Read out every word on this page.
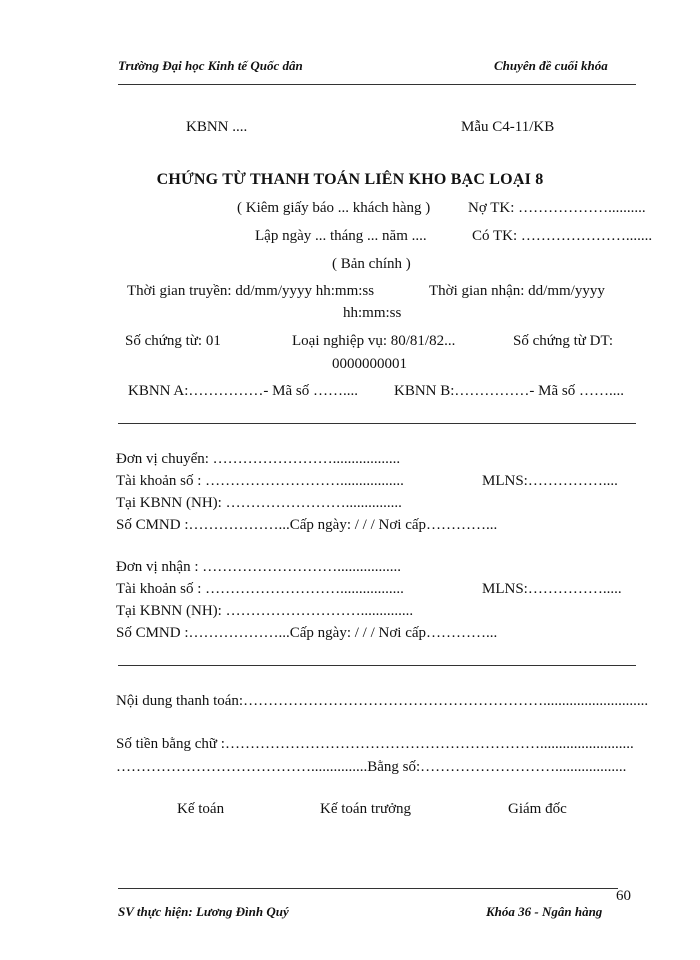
Trường Đại học Kinh tế Quốc dân	Chuyên đề cuối khóa
KBNN ....	Mẫu C4-11/KB
CHỨNG TỪ THANH TOÁN LIÊN KHO BẠC LOẠI 8
( Kiêm giấy báo ... khách hàng )	Nợ TK: ………………..........
Lập ngày ... tháng ... năm ....	Có TK: ………………….......
( Bản chính )
Thời gian truyền: dd/mm/yyyy hh:mm:ss	Thời gian nhận: dd/mm/yyyy
hh:mm:ss
Số chứng từ: 01	Loại nghiệp vụ: 80/81/82...	Số chứng từ DT:
0000000001
KBNN A:……………- Mã số …….... KBNN B:……………- Mã số ……....
Đơn vị chuyển: ……………………..................
Tài khoản số : ……………………….................	MLNS:……………....
Tại KBNN (NH): ……………………...............
Số CMND :………………...Cấp ngày: / / / Nơi cấp…………...
Đơn vị nhận : ……………………….................
Tài khoản số : ……………………….................	MLNS:…………….....
Tại KBNN (NH): ………………………..............
Số CMND :………………...Cấp ngày: / / / Nơi cấp…………...
Nội dung thanh toán:……………………………………………………............................
Số tiền bằng chữ :……………………………………………………….........................
…………………………………...............Bằng số:………………………...................
Kế toán	Kế toán trưởng	Giám đốc
60
SV thực hiện: Lương Đình Quý	Khóa 36 - Ngân hàng
